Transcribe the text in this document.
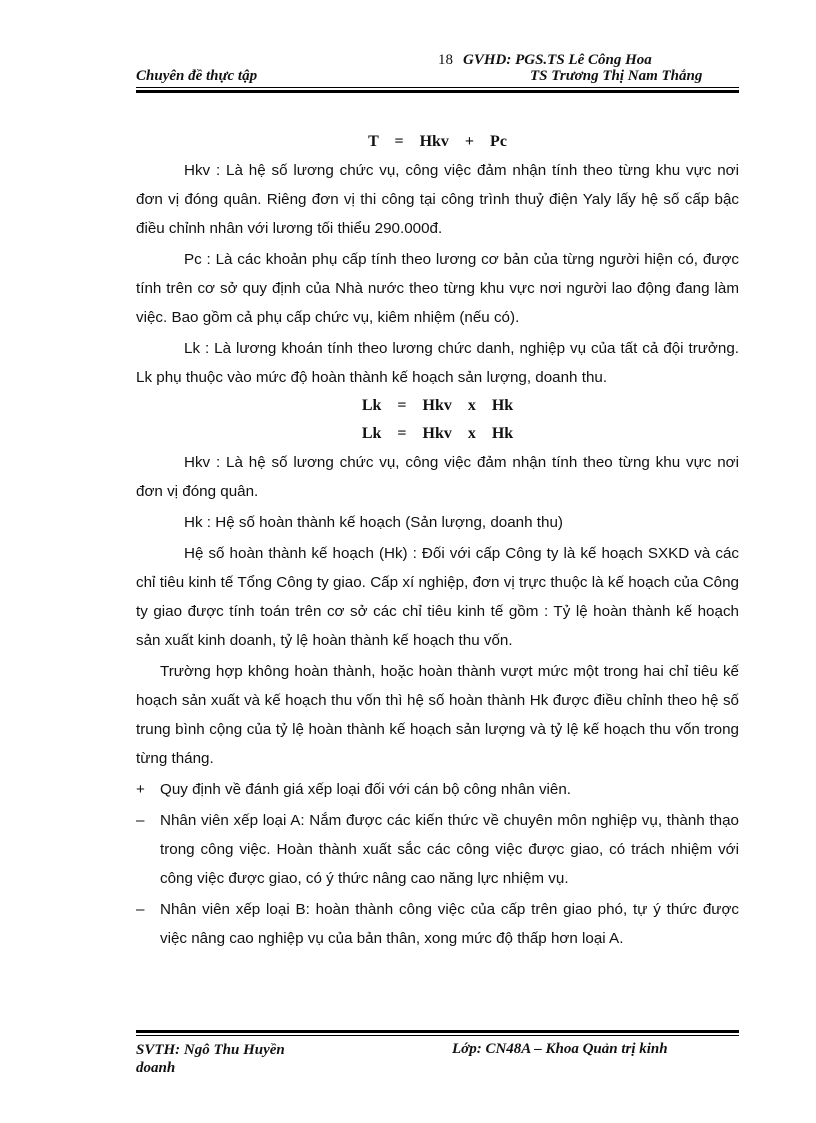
18 GVHD: PGS.TS Lê Công Hoa
Chuyên đề thực tập	TS Trương Thị Nam Thắng
T  =  Hkv  +  Pc

Hkv : Là hệ số lương chức vụ, công việc đảm nhận tính theo từng khu vực nơi đơn vị đóng quân. Riêng đơn vị thi công tại công trình thuỷ điện Yaly lấy hệ số cấp bậc điều chỉnh nhân với lương tối thiểu 290.000đ.

Pc : Là các khoản phụ cấp tính theo lương cơ bản của từng người hiện có, được tính trên cơ sở quy định của Nhà nước theo từng khu vực nơi người lao động đang làm việc. Bao gồm cả phụ cấp chức vụ, kiêm nhiệm (nếu có).

Lk : Là lương khoán tính theo lương chức danh, nghiệp vụ của tất cả đội trưởng. Lk phụ thuộc vào mức độ hoàn thành kế hoạch sản lượng, doanh thu.

Lk  =  Hkv  x  Hk
Lk  =  Hkv  x  Hk

Hkv : Là hệ số lương chức vụ, công việc đảm nhận tính theo từng khu vực nơi đơn vị đóng quân.

Hk : Hệ số hoàn thành kế hoạch (Sản lượng, doanh thu)

Hệ số hoàn thành kế hoạch (Hk) : Đối với cấp Công ty là kế hoạch SXKD và các chỉ tiêu kinh tế Tổng Công ty giao. Cấp xí nghiệp, đơn vị trực thuộc là kế hoạch của Công ty giao được tính toán trên cơ sở các chỉ tiêu kinh tế gồm : Tỷ lệ hoàn thành kế hoạch sản xuất kinh doanh, tỷ lệ hoàn thành kế hoạch thu vốn.

Trường hợp không hoàn thành, hoặc hoàn thành vượt mức một trong hai chỉ tiêu kế hoạch sản xuất và kế hoạch thu vốn thì hệ số hoàn thành Hk được điều chỉnh theo hệ số trung bình cộng của tỷ lệ hoàn thành kế hoạch sản lượng và tỷ lệ kế hoạch thu vốn trong từng tháng.

+ Quy định về đánh giá xếp loại đối với cán bộ công nhân viên.
–	Nhân viên xếp loại A: Nắm được các kiến thức về chuyên môn nghiệp vụ, thành thạo trong công việc. Hoàn thành xuất sắc các công việc được giao, có trách nhiệm với công việc được giao, có ý thức nâng cao năng lực nhiệm vụ.
–	Nhân viên xếp loại B: hoàn thành công việc của cấp trên giao phó, tự ý thức được việc nâng cao nghiệp vụ của bản thân, xong mức độ thấp hơn loại A.
SVTH: Ngô Thu Huyền
doanh
Lớp: CN48A – Khoa Quản trị kinh
